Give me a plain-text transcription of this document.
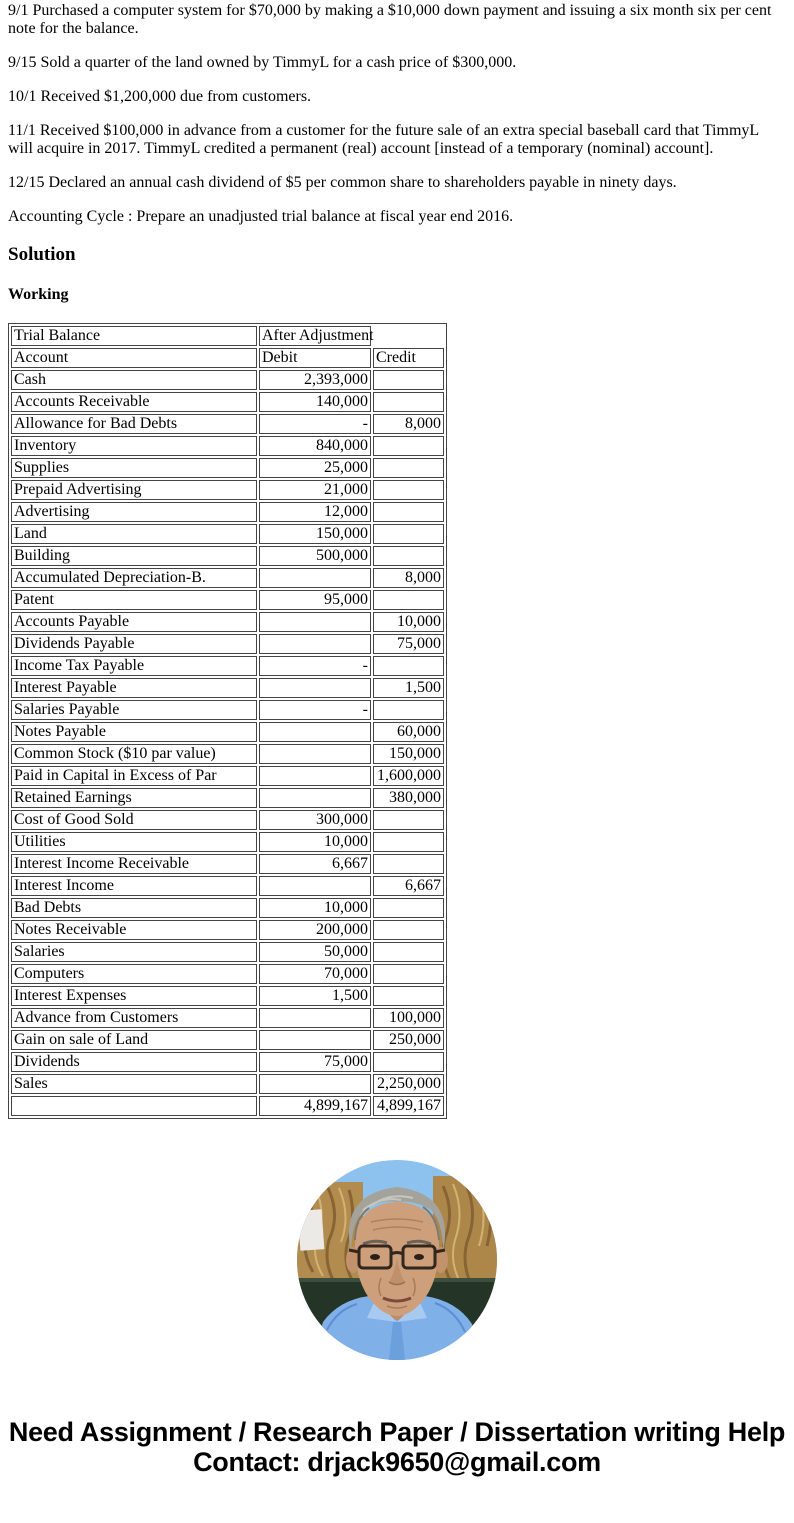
9/1 Purchased a computer system for $70,000 by making a $10,000 down payment and issuing a six month six per cent note for the balance.

9/15 Sold a quarter of the land owned by TimmyL for a cash price of $300,000.

10/1 Received $1,200,000 due from customers.

11/1 Received $100,000 in advance from a customer for the future sale of an extra special baseball card that TimmyL will acquire in 2017. TimmyL credited a permanent (real) account [instead of a temporary (nominal) account].

12/15 Declared an annual cash dividend of $5 per common share to shareholders payable in ninety days.

Accounting Cycle : Prepare an unadjusted trial balance at fiscal year end 2016.

Solution
Working
Trial Balance	After Adjustment	
Account	Debit	Credit
Cash	2,393,000	
Accounts Receivable	140,000	
Allowance for Bad Debts	-	8,000
Inventory	840,000	
Supplies	25,000	
Prepaid Advertising	21,000	
Advertising	12,000	
Land	150,000	
Building	500,000	
Accumulated Depreciation-B.		8,000
Patent	95,000	
Accounts Payable		10,000
Dividends Payable		75,000
Income Tax Payable	-	
Interest Payable		1,500
Salaries Payable	-	
Notes Payable		60,000
Common Stock ($10 par value)		150,000
Paid in Capital in Excess of Par		1,600,000
Retained Earnings		380,000
Cost of Good Sold	300,000	
Utilities	10,000	
Interest Income Receivable	6,667	
Interest Income		6,667
Bad Debts	10,000	
Notes Receivable	200,000	
Salaries	50,000	
Computers	70,000	
Interest Expenses	1,500	
Advance from Customers		100,000
Gain on sale of Land		250,000
Dividends	75,000	
Sales		2,250,000
	4,899,167	4,899,167
Need Assignment / Research Paper / Dissertation writing Help
Contact: drjack9650@gmail.com
